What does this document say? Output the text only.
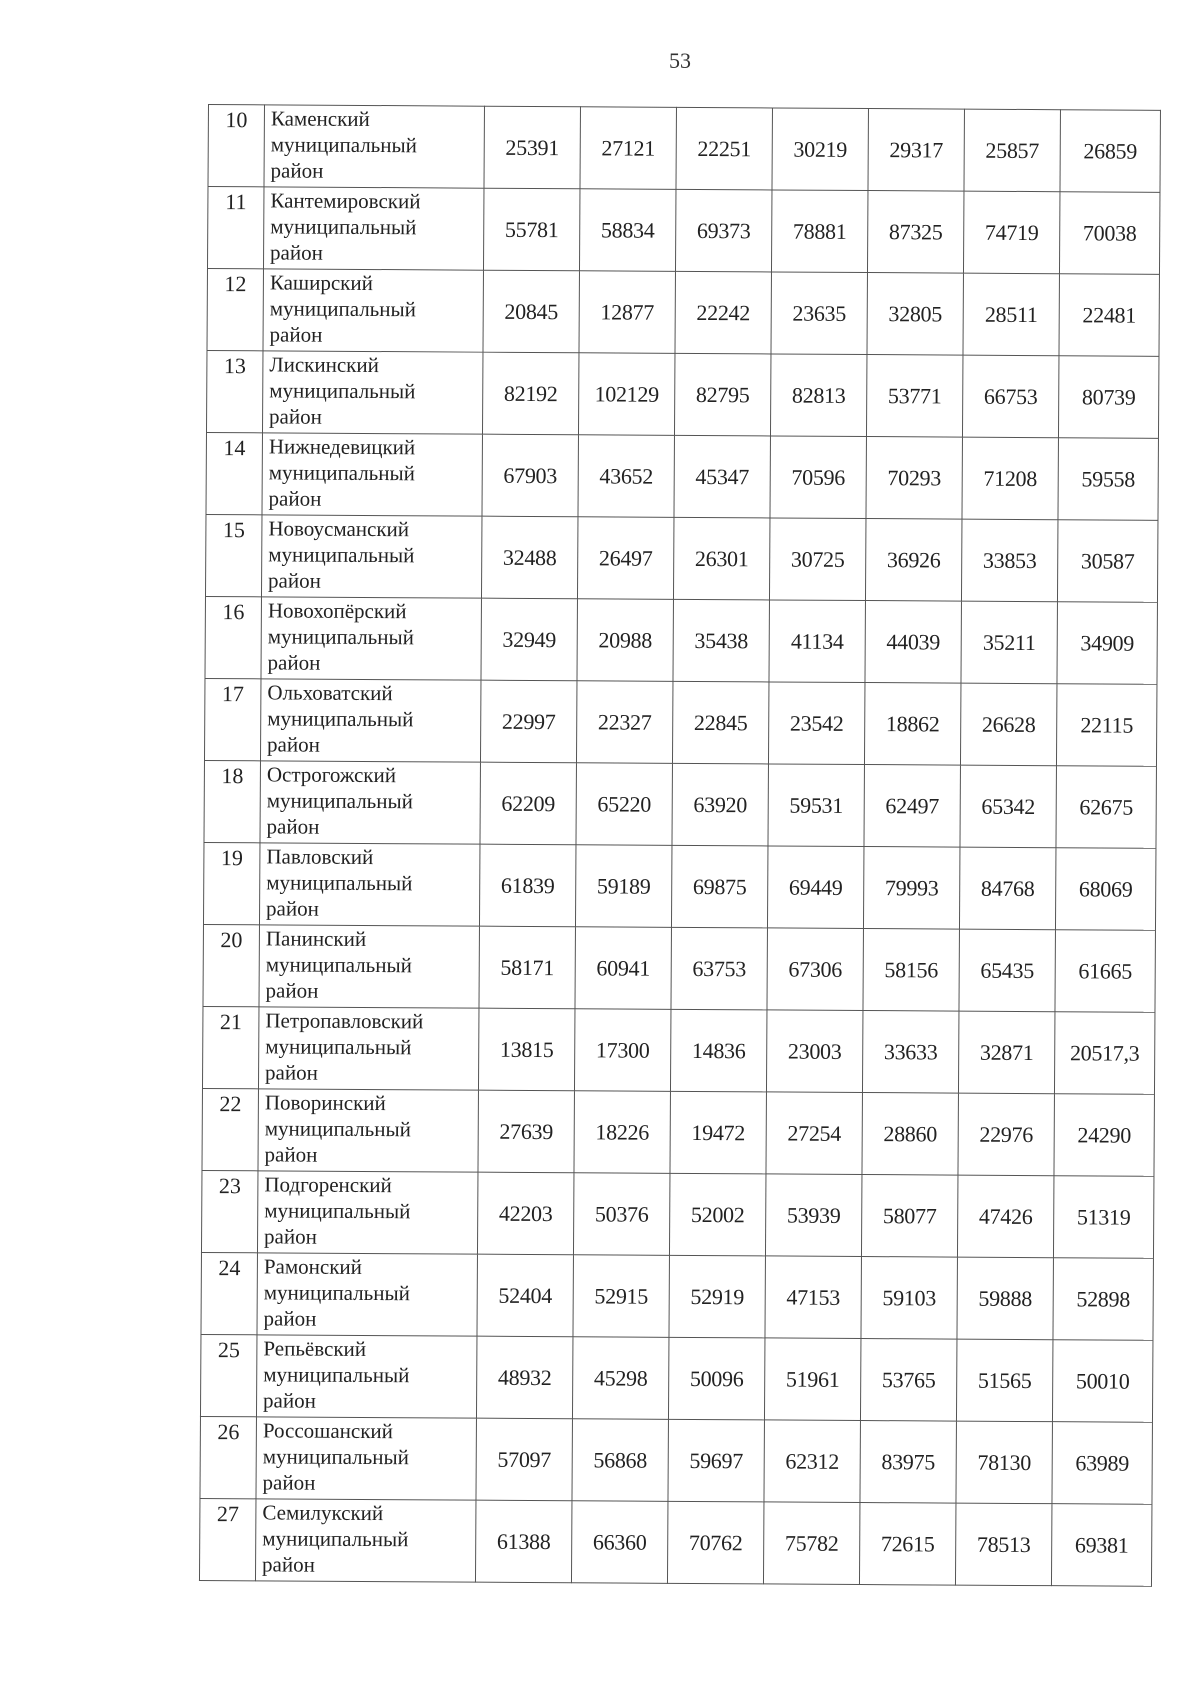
53
10	Каменский
муниципальный
район	25391	27121	22251	30219	29317	25857	26859
11	Кантемировский
муниципальный
район	55781	58834	69373	78881	87325	74719	70038
12	Каширский
муниципальный
район	20845	12877	22242	23635	32805	28511	22481
13	Лискинский
муниципальный
район	82192	102129	82795	82813	53771	66753	80739
14	Нижнедевицкий
муниципальный
район	67903	43652	45347	70596	70293	71208	59558
15	Новоусманский
муниципальный
район	32488	26497	26301	30725	36926	33853	30587
16	Новохопёрский
муниципальный
район	32949	20988	35438	41134	44039	35211	34909
17	Ольховатский
муниципальный
район	22997	22327	22845	23542	18862	26628	22115
18	Острогожский
муниципальный
район	62209	65220	63920	59531	62497	65342	62675
19	Павловский
муниципальный
район	61839	59189	69875	69449	79993	84768	68069
20	Панинский
муниципальный
район	58171	60941	63753	67306	58156	65435	61665
21	Петропавловский
муниципальный
район	13815	17300	14836	23003	33633	32871	20517,3
22	Поворинский
муниципальный
район	27639	18226	19472	27254	28860	22976	24290
23	Подгоренский
муниципальный
район	42203	50376	52002	53939	58077	47426	51319
24	Рамонский
муниципальный
район	52404	52915	52919	47153	59103	59888	52898
25	Репьёвский
муниципальный
район	48932	45298	50096	51961	53765	51565	50010
26	Россошанский
муниципальный
район	57097	56868	59697	62312	83975	78130	63989
27	Семилукский
муниципальный
район	61388	66360	70762	75782	72615	78513	69381
